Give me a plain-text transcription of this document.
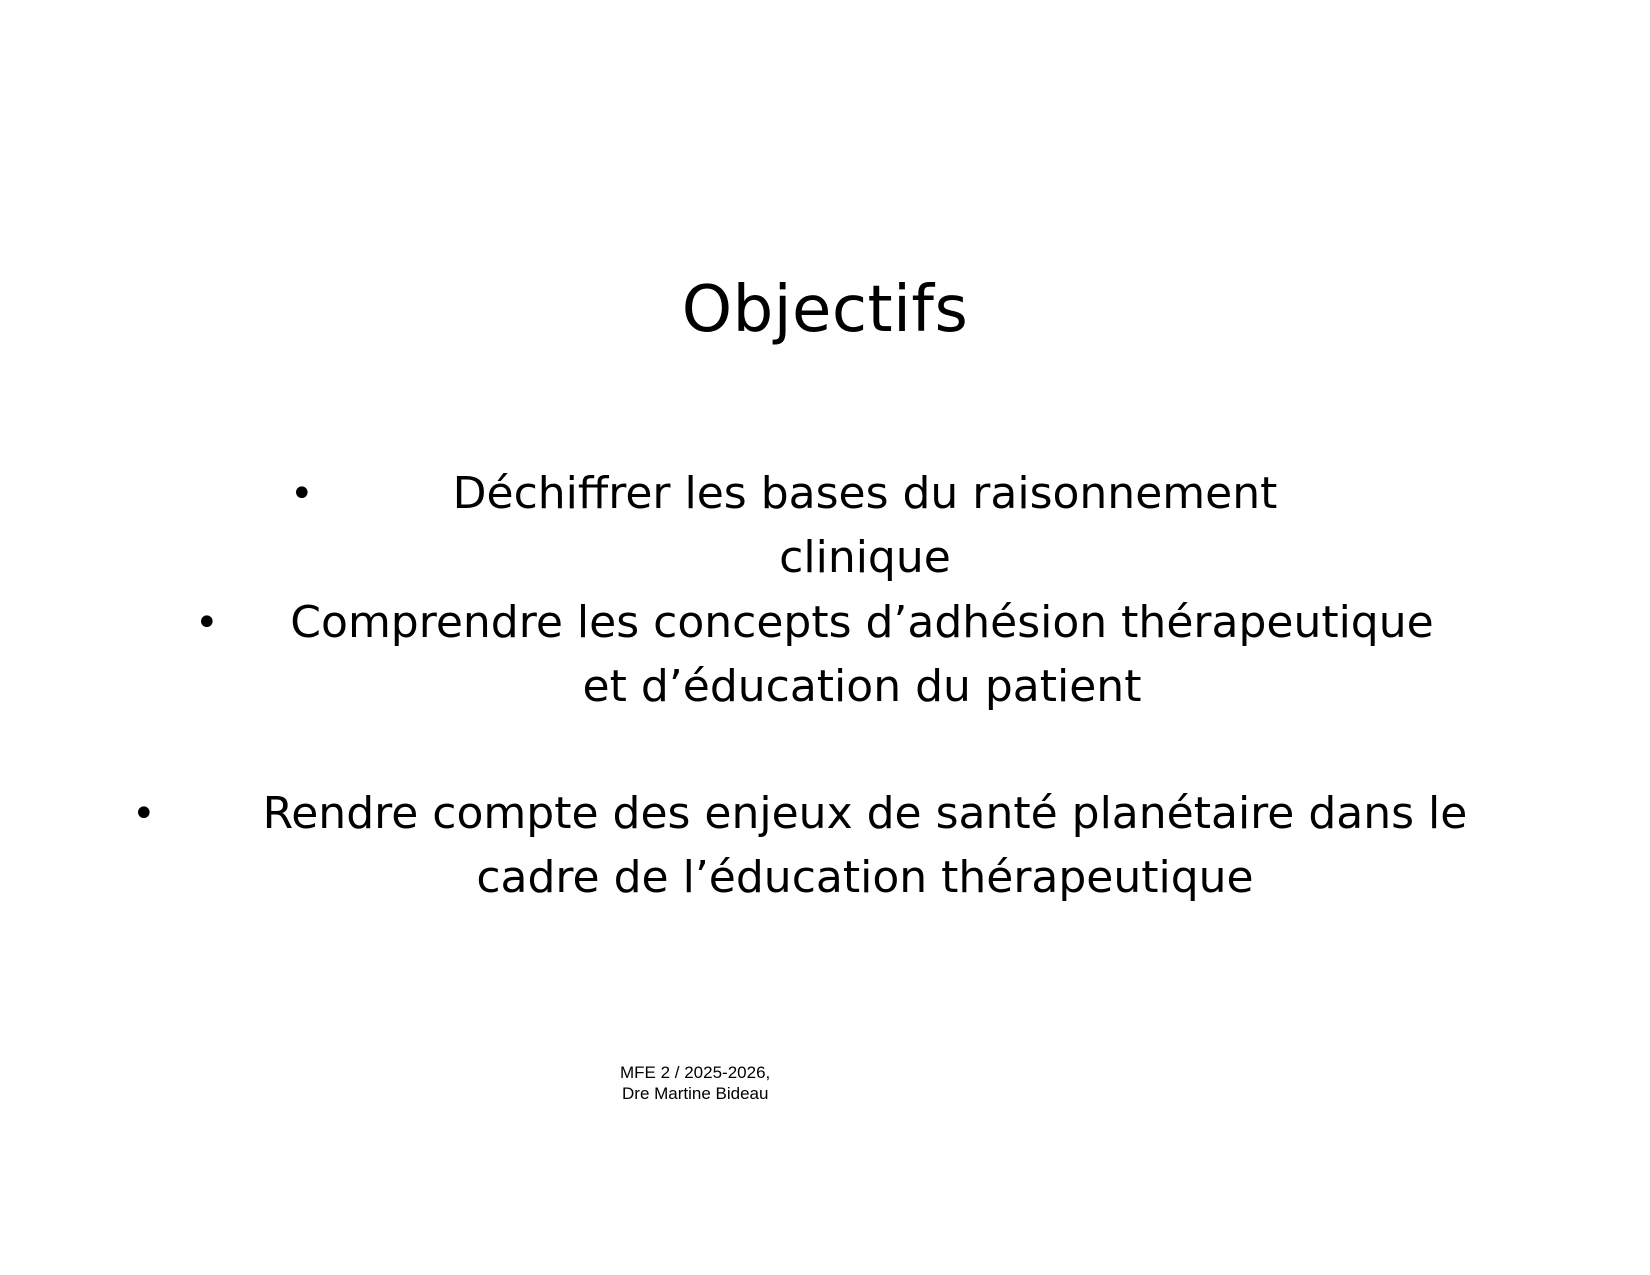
Objectifs
•	Déchiffrer les bases du raisonnement clinique
•	Comprendre les concepts d’adhésion thérapeutique et d’éducation du patient
•	Rendre compte des enjeux de santé planétaire dans le cadre de l’éducation thérapeutique
MFE 2 / 2025-2026,
Dre Martine Bideau
